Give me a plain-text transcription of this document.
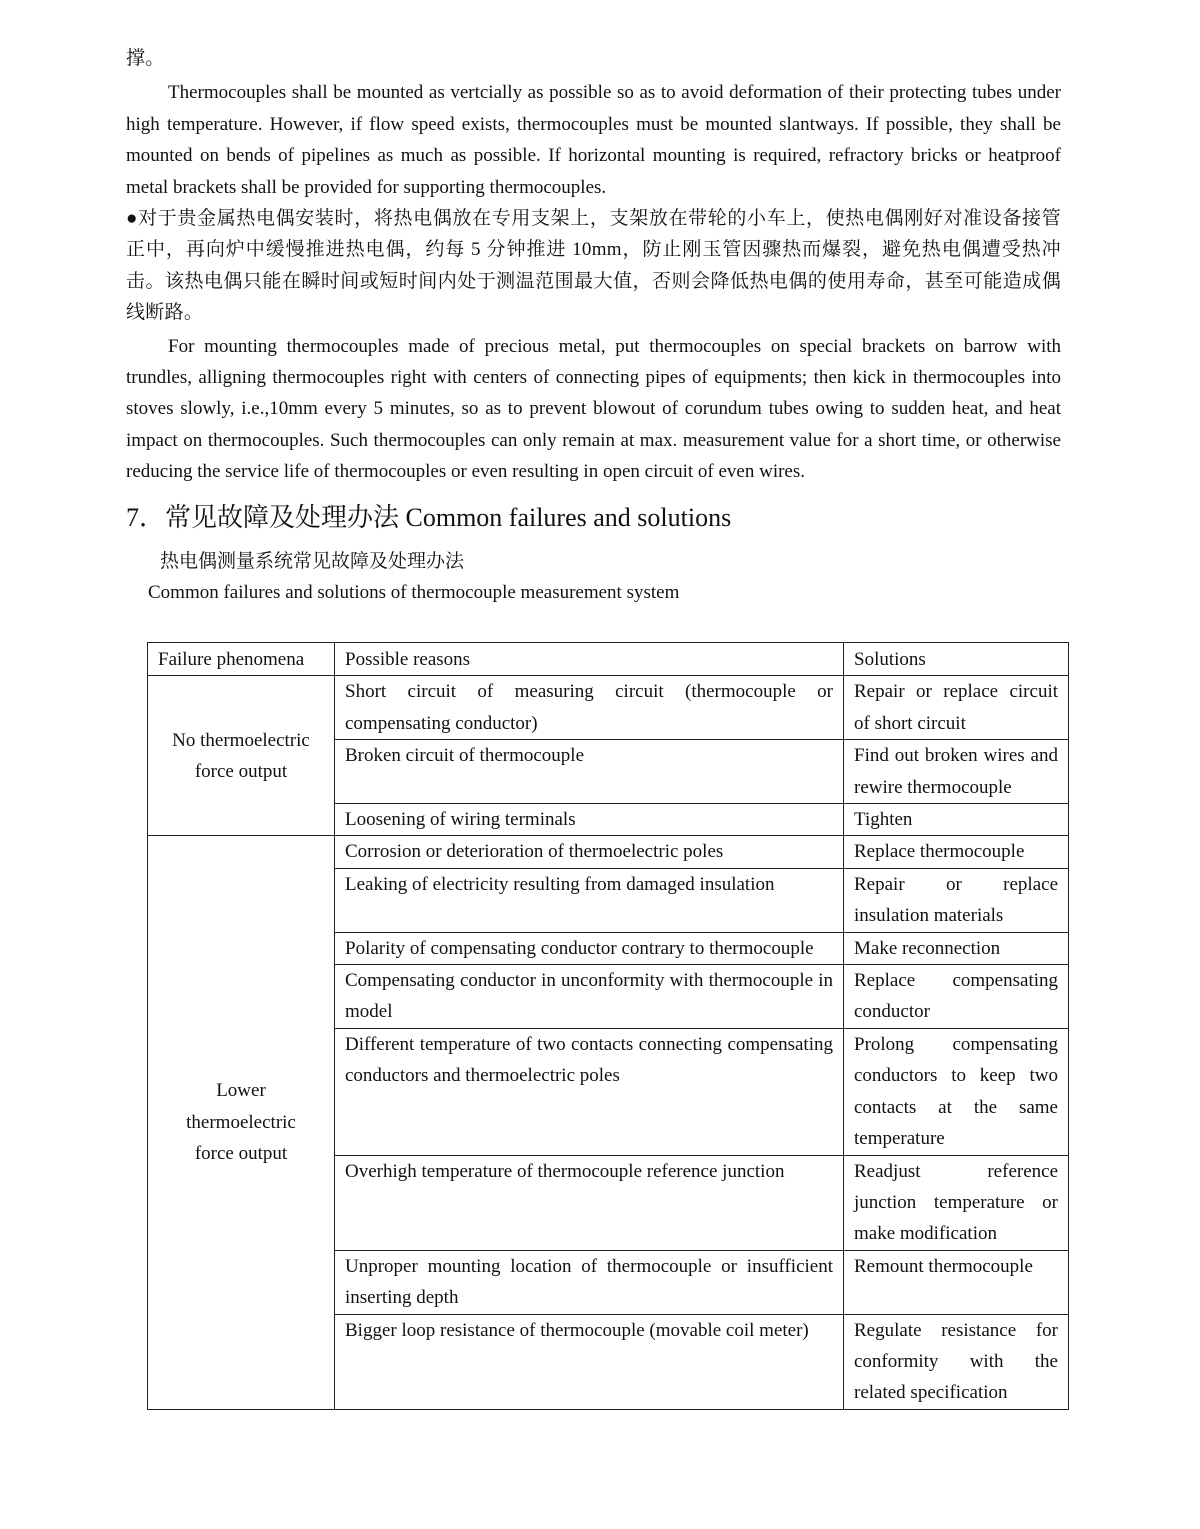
撑。

Thermocouples shall be mounted as vertcially as possible so as to avoid deformation of their protecting tubes under high temperature. However, if flow speed exists, thermocouples must be mounted slantways. If possible, they shall be mounted on bends of pipelines as much as possible. If horizontal mounting is required, refractory bricks or heatproof metal brackets shall be provided for supporting thermocouples.

●对于贵金属热电偶安装时，将热电偶放在专用支架上，支架放在带轮的小车上，使热电偶刚好对准设备接管正中，再向炉中缓慢推进热电偶，约每 5 分钟推进 10mm，防止刚玉管因骤热而爆裂，避免热电偶遭受热冲击。该热电偶只能在瞬时间或短时间内处于测温范围最大值，否则会降低热电偶的使用寿命，甚至可能造成偶线断路。

For mounting thermocouples made of precious metal, put thermocouples on special brackets on barrow with trundles, alligning thermocouples right with centers of connecting pipes of equipments; then kick in thermocouples into stoves slowly, i.e.,10mm every 5 minutes, so as to prevent blowout of corundum tubes owing to sudden heat, and heat impact on thermocouples. Such thermocouples can only remain at max. measurement value for a short time, or otherwise reducing the service life of thermocouples or even resulting in open circuit of even wires.

7．常见故障及处理办法 Common failures and solutions
热电偶测量系统常见故障及处理办法
Common failures and solutions of thermocouple measurement system
Failure phenomena	Possible reasons	Solutions
No thermoelectric force output	Short circuit of measuring circuit (thermocouple or compensating conductor)	Repair or replace circuit of short circuit
	Broken circuit of thermocouple	Find out broken wires and rewire thermocouple
	Loosening of wiring terminals	Tighten
Lower thermoelectric force output	Corrosion or deterioration of thermoelectric poles	Replace thermocouple
	Leaking of electricity resulting from damaged insulation	Repair or replace insulation materials
	Polarity of compensating conductor contrary to thermocouple	Make reconnection
	Compensating conductor in unconformity with thermocouple in model	Replace compensating conductor
	Different temperature of two contacts connecting compensating conductors and thermoelectric poles	Prolong compensating conductors to keep two contacts at the same temperature
	Overhigh temperature of thermocouple reference junction	Readjust reference junction temperature or make modification
	Unproper mounting location of thermocouple or insufficient inserting depth	Remount thermocouple
	Bigger loop resistance of thermocouple (movable coil meter)	Regulate resistance for conformity with the related specification
